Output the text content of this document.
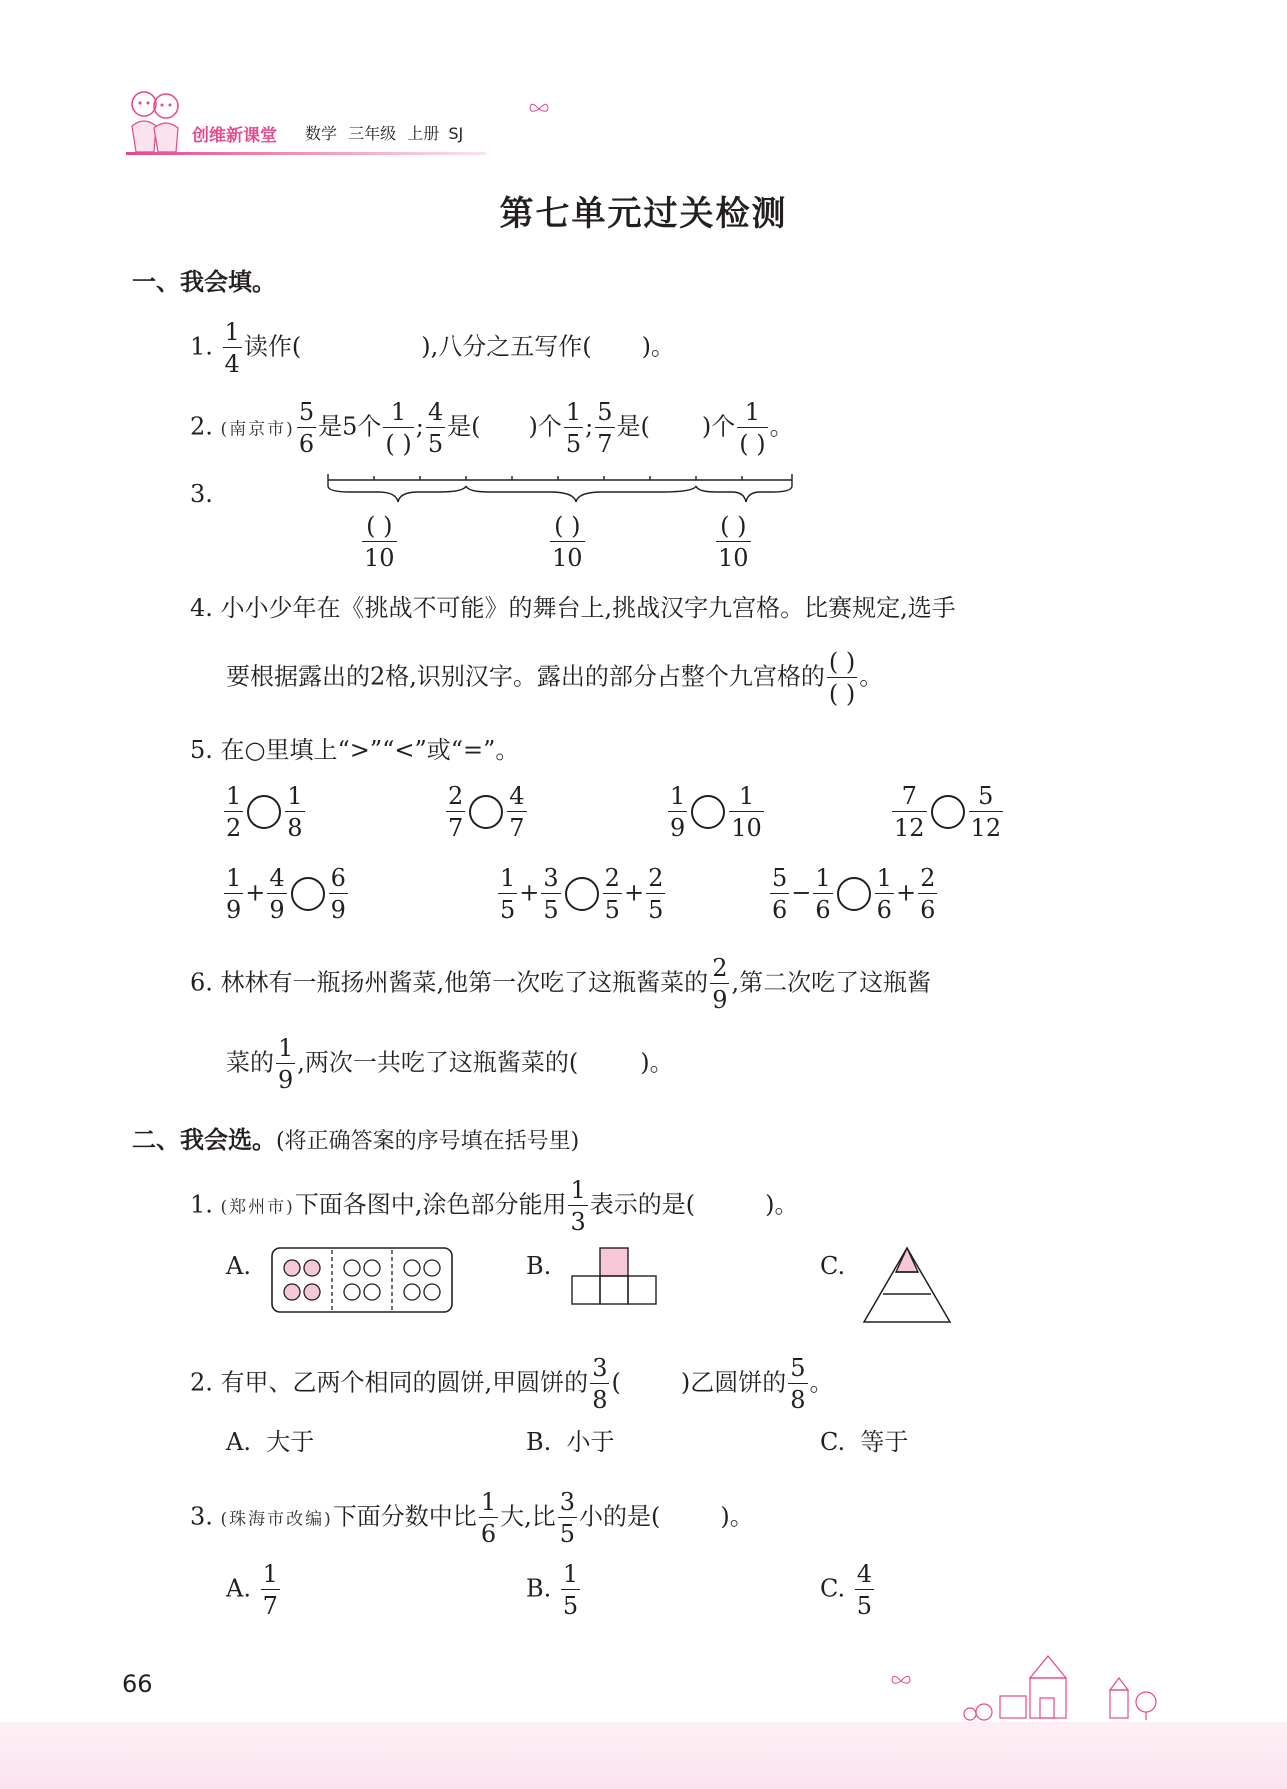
创维新课堂 数学 三年级 上册 SJ
第七单元过关检测
一、我会填。
1. $\frac{1}{4}$ 读作(	),八分之五写作( )。
2. (南京市) $\frac{5}{6}$ 是5个 $\frac{1}{( )}$ ; $\frac{4}{5}$ 是( )个 $\frac{1}{5}$ ; $\frac{5}{7}$ 是( )个 $\frac{1}{( )}$ 。
3.
$\frac{( )}{10}$	$\frac{( )}{10}$	$\frac{( )}{10}$
4. 小小少年在《挑战不可能》的舞台上,挑战汉字九宫格。比赛规定,选手
要根据露出的2格,识别汉字。露出的部分占整个九宫格的 $\frac{( )}{( )}$ 。
5. 在○里填上“>”“<”或“=”。
$\frac{1}{2} \frac{1}{8}$	$\frac{2}{7} \frac{4}{7}$	$\frac{1}{9} \frac{1}{10}$	$\frac{7}{12} \frac{5}{12}$
$\frac{1}{9} + \frac{4}{9} \frac{6}{9}$	$\frac{1}{5} + \frac{3}{5} \frac{2}{5} + \frac{2}{5}$	$\frac{5}{6} - \frac{1}{6} \frac{1}{6} + \frac{2}{6}$
6. 林林有一瓶扬州酱菜,他第一次吃了这瓶酱菜的 $\frac{2}{9}$ ,第二次吃了这瓶酱
菜的 $\frac{1}{9}$ ,两次一共吃了这瓶酱菜的(	)。
二、我会选。(将正确答案的序号填在括号里)
1. (郑州市)下面各图中,涂色部分能用 $\frac{1}{3}$ 表示的是(	)。
A.	B.	C.
2. 有甲、乙两个相同的圆饼,甲圆饼的 $\frac{3}{8}$ (	)乙圆饼的 $\frac{5}{8}$ 。
A.  大于	B.  小于	C.  等于
3. (珠海市改编)下面分数中比 $\frac{1}{6}$ 大,比 $\frac{3}{5}$ 小的是(	)。
A. $\frac{1}{7}$	B. $\frac{1}{5}$	C. $\frac{4}{5}$
66
